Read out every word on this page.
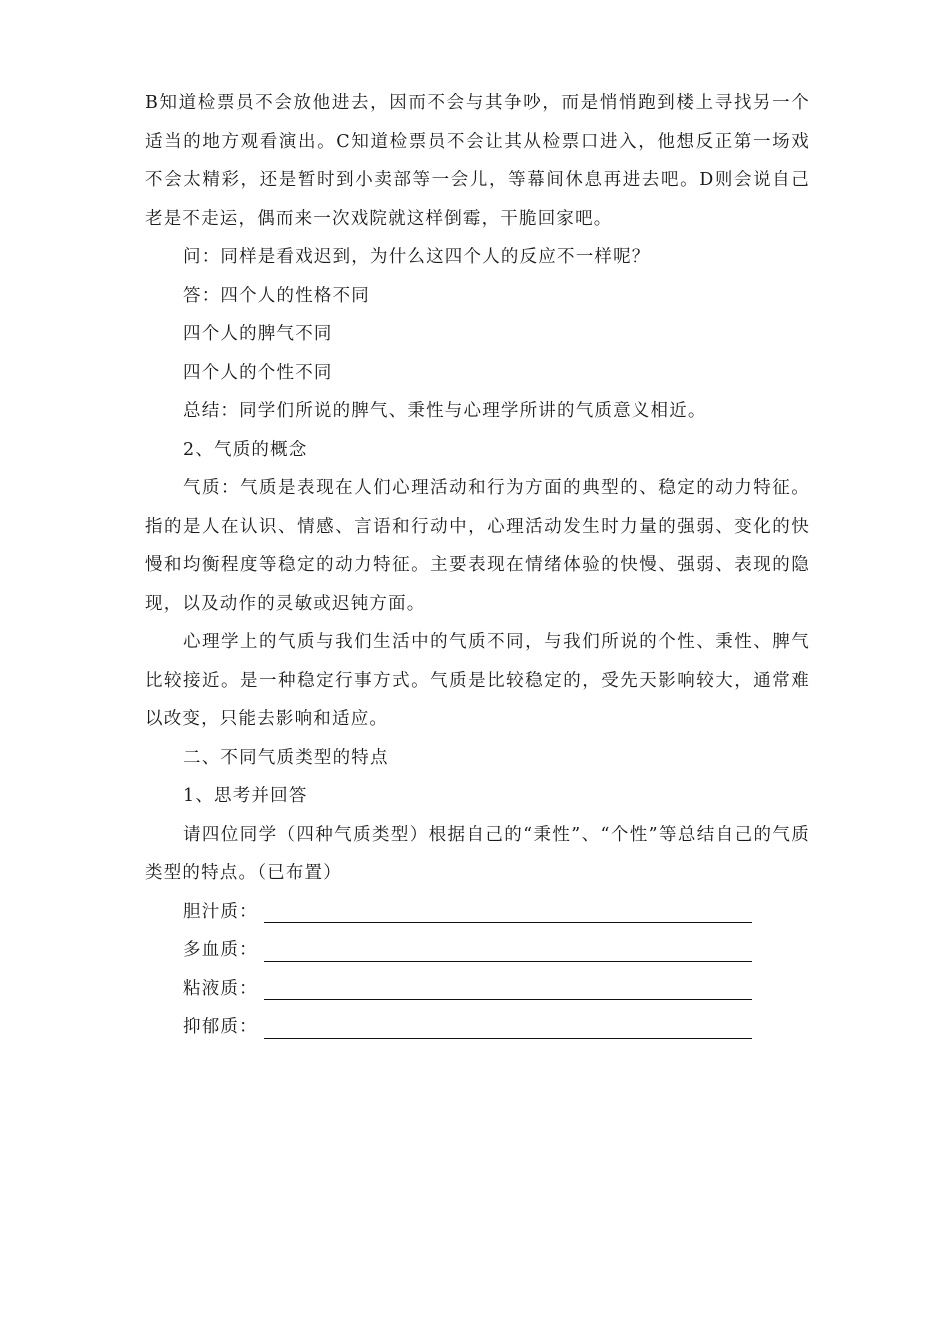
B知道检票员不会放他进去，因而不会与其争吵，而是悄悄跑到楼上寻找另一个适当的地方观看演出。C知道检票员不会让其从检票口进入，他想反正第一场戏不会太精彩，还是暂时到小卖部等一会儿，等幕间休息再进去吧。D则会说自己老是不走运，偶而来一次戏院就这样倒霉，干脆回家吧。

问：同样是看戏迟到，为什么这四个人的反应不一样呢？

答：四个人的性格不同

四个人的脾气不同

四个人的个性不同

总结：同学们所说的脾气、秉性与心理学所讲的气质意义相近。

2、气质的概念

气质：气质是表现在人们心理活动和行为方面的典型的、稳定的动力特征。指的是人在认识、情感、言语和行动中，心理活动发生时力量的强弱、变化的快慢和均衡程度等稳定的动力特征。主要表现在情绪体验的快慢、强弱、表现的隐现，以及动作的灵敏或迟钝方面。

心理学上的气质与我们生活中的气质不同，与我们所说的个性、秉性、脾气比较接近。是一种稳定行事方式。气质是比较稳定的，受先天影响较大，通常难以改变，只能去影响和适应。

二、不同气质类型的特点

1、思考并回答

请四位同学（四种气质类型）根据自己的“秉性”、“个性”等总结自己的气质类型的特点。（已布置）

胆汁质：
多血质：
粘液质：
抑郁质：
